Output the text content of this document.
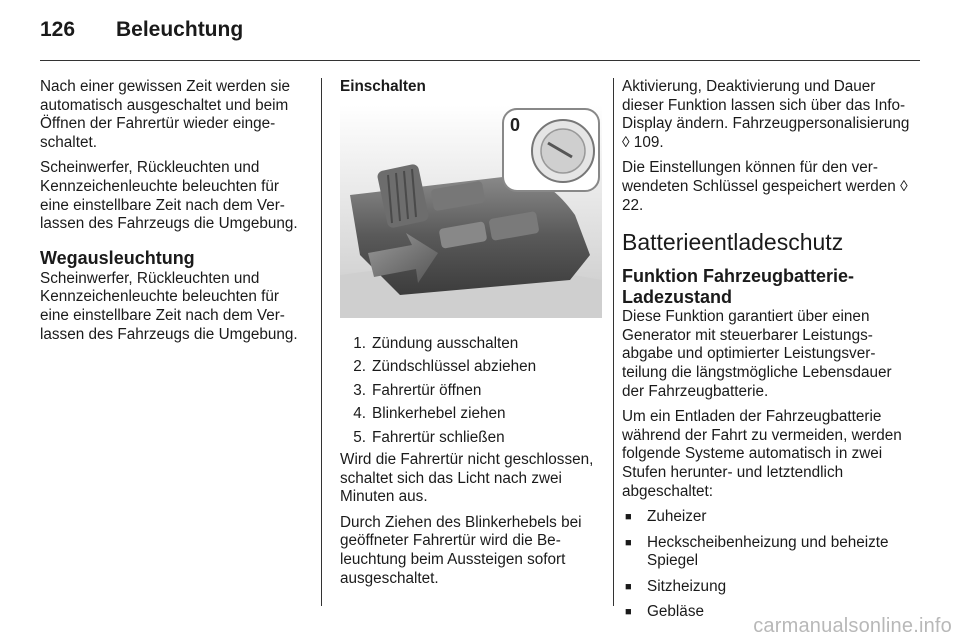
126	Beleuchtung

Nach einer gewissen Zeit werden sie automatisch ausgeschaltet und beim Öffnen der Fahrertür wieder eingeschaltet.

Scheinwerfer, Rückleuchten und Kennzeichenleuchte beleuchten für eine einstellbare Zeit nach dem Verlassen des Fahrzeugs die Umgebung.

Wegausleuchtung

Scheinwerfer, Rückleuchten und Kennzeichenleuchte beleuchten für eine einstellbare Zeit nach dem Verlassen des Fahrzeugs die Umgebung.

Einschalten
0
1. Zündung ausschalten
2. Zündschlüssel abziehen
3. Fahrertür öffnen
4. Blinkerhebel ziehen
5. Fahrertür schließen

Wird die Fahrertür nicht geschlossen, schaltet sich das Licht nach zwei Minuten aus.

Durch Ziehen des Blinkerhebels bei geöffneter Fahrertür wird die Beleuchtung beim Aussteigen sofort ausgeschaltet.

Aktivierung, Deaktivierung und Dauer dieser Funktion lassen sich über das Info-Display ändern. Fahrzeugpersonalisierung ◊ 109.

Die Einstellungen können für den verwendeten Schlüssel gespeichert werden ◊ 22.

Batterieentladeschutz
Funktion Fahrzeugbatterie-Ladezustand

Diese Funktion garantiert über einen Generator mit steuerbarer Leistungsabgabe und optimierter Leistungsverteilung die längstmögliche Lebensdauer der Fahrzeugbatterie.

Um ein Entladen der Fahrzeugbatterie während der Fahrt zu vermeiden, werden folgende Systeme automatisch in zwei Stufen herunter- und letztendlich abgeschaltet:

■	Zuheizer
■	Heckscheibenheizung und beheizte Spiegel
■	Sitzheizung
■	Gebläse
carmanualsonline.info
